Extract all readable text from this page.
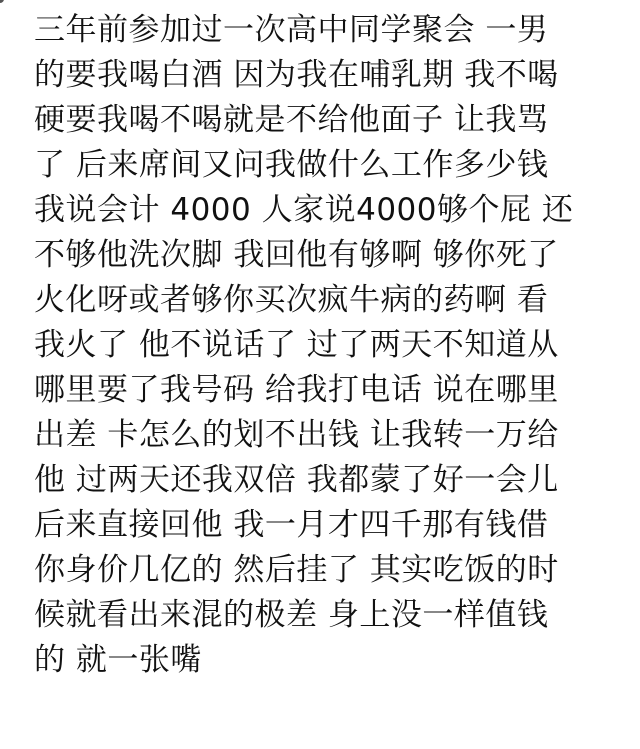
三年前参加过一次高中同学聚会 一男
的要我喝白酒 因为我在哺乳期 我不喝
硬要我喝不喝就是不给他面子 让我骂
了 后来席间又问我做什么工作多少钱
我说会计 4000 人家说4000够个屁 还
不够他洗次脚 我回他有够啊 够你死了
火化呀或者够你买次疯牛病的药啊 看
我火了 他不说话了 过了两天不知道从
哪里要了我号码 给我打电话 说在哪里
出差 卡怎么的划不出钱 让我转一万给
他 过两天还我双倍 我都蒙了好一会儿
后来直接回他 我一月才四千那有钱借
你身价几亿的 然后挂了 其实吃饭的时
候就看出来混的极差 身上没一样值钱
的 就一张嘴
